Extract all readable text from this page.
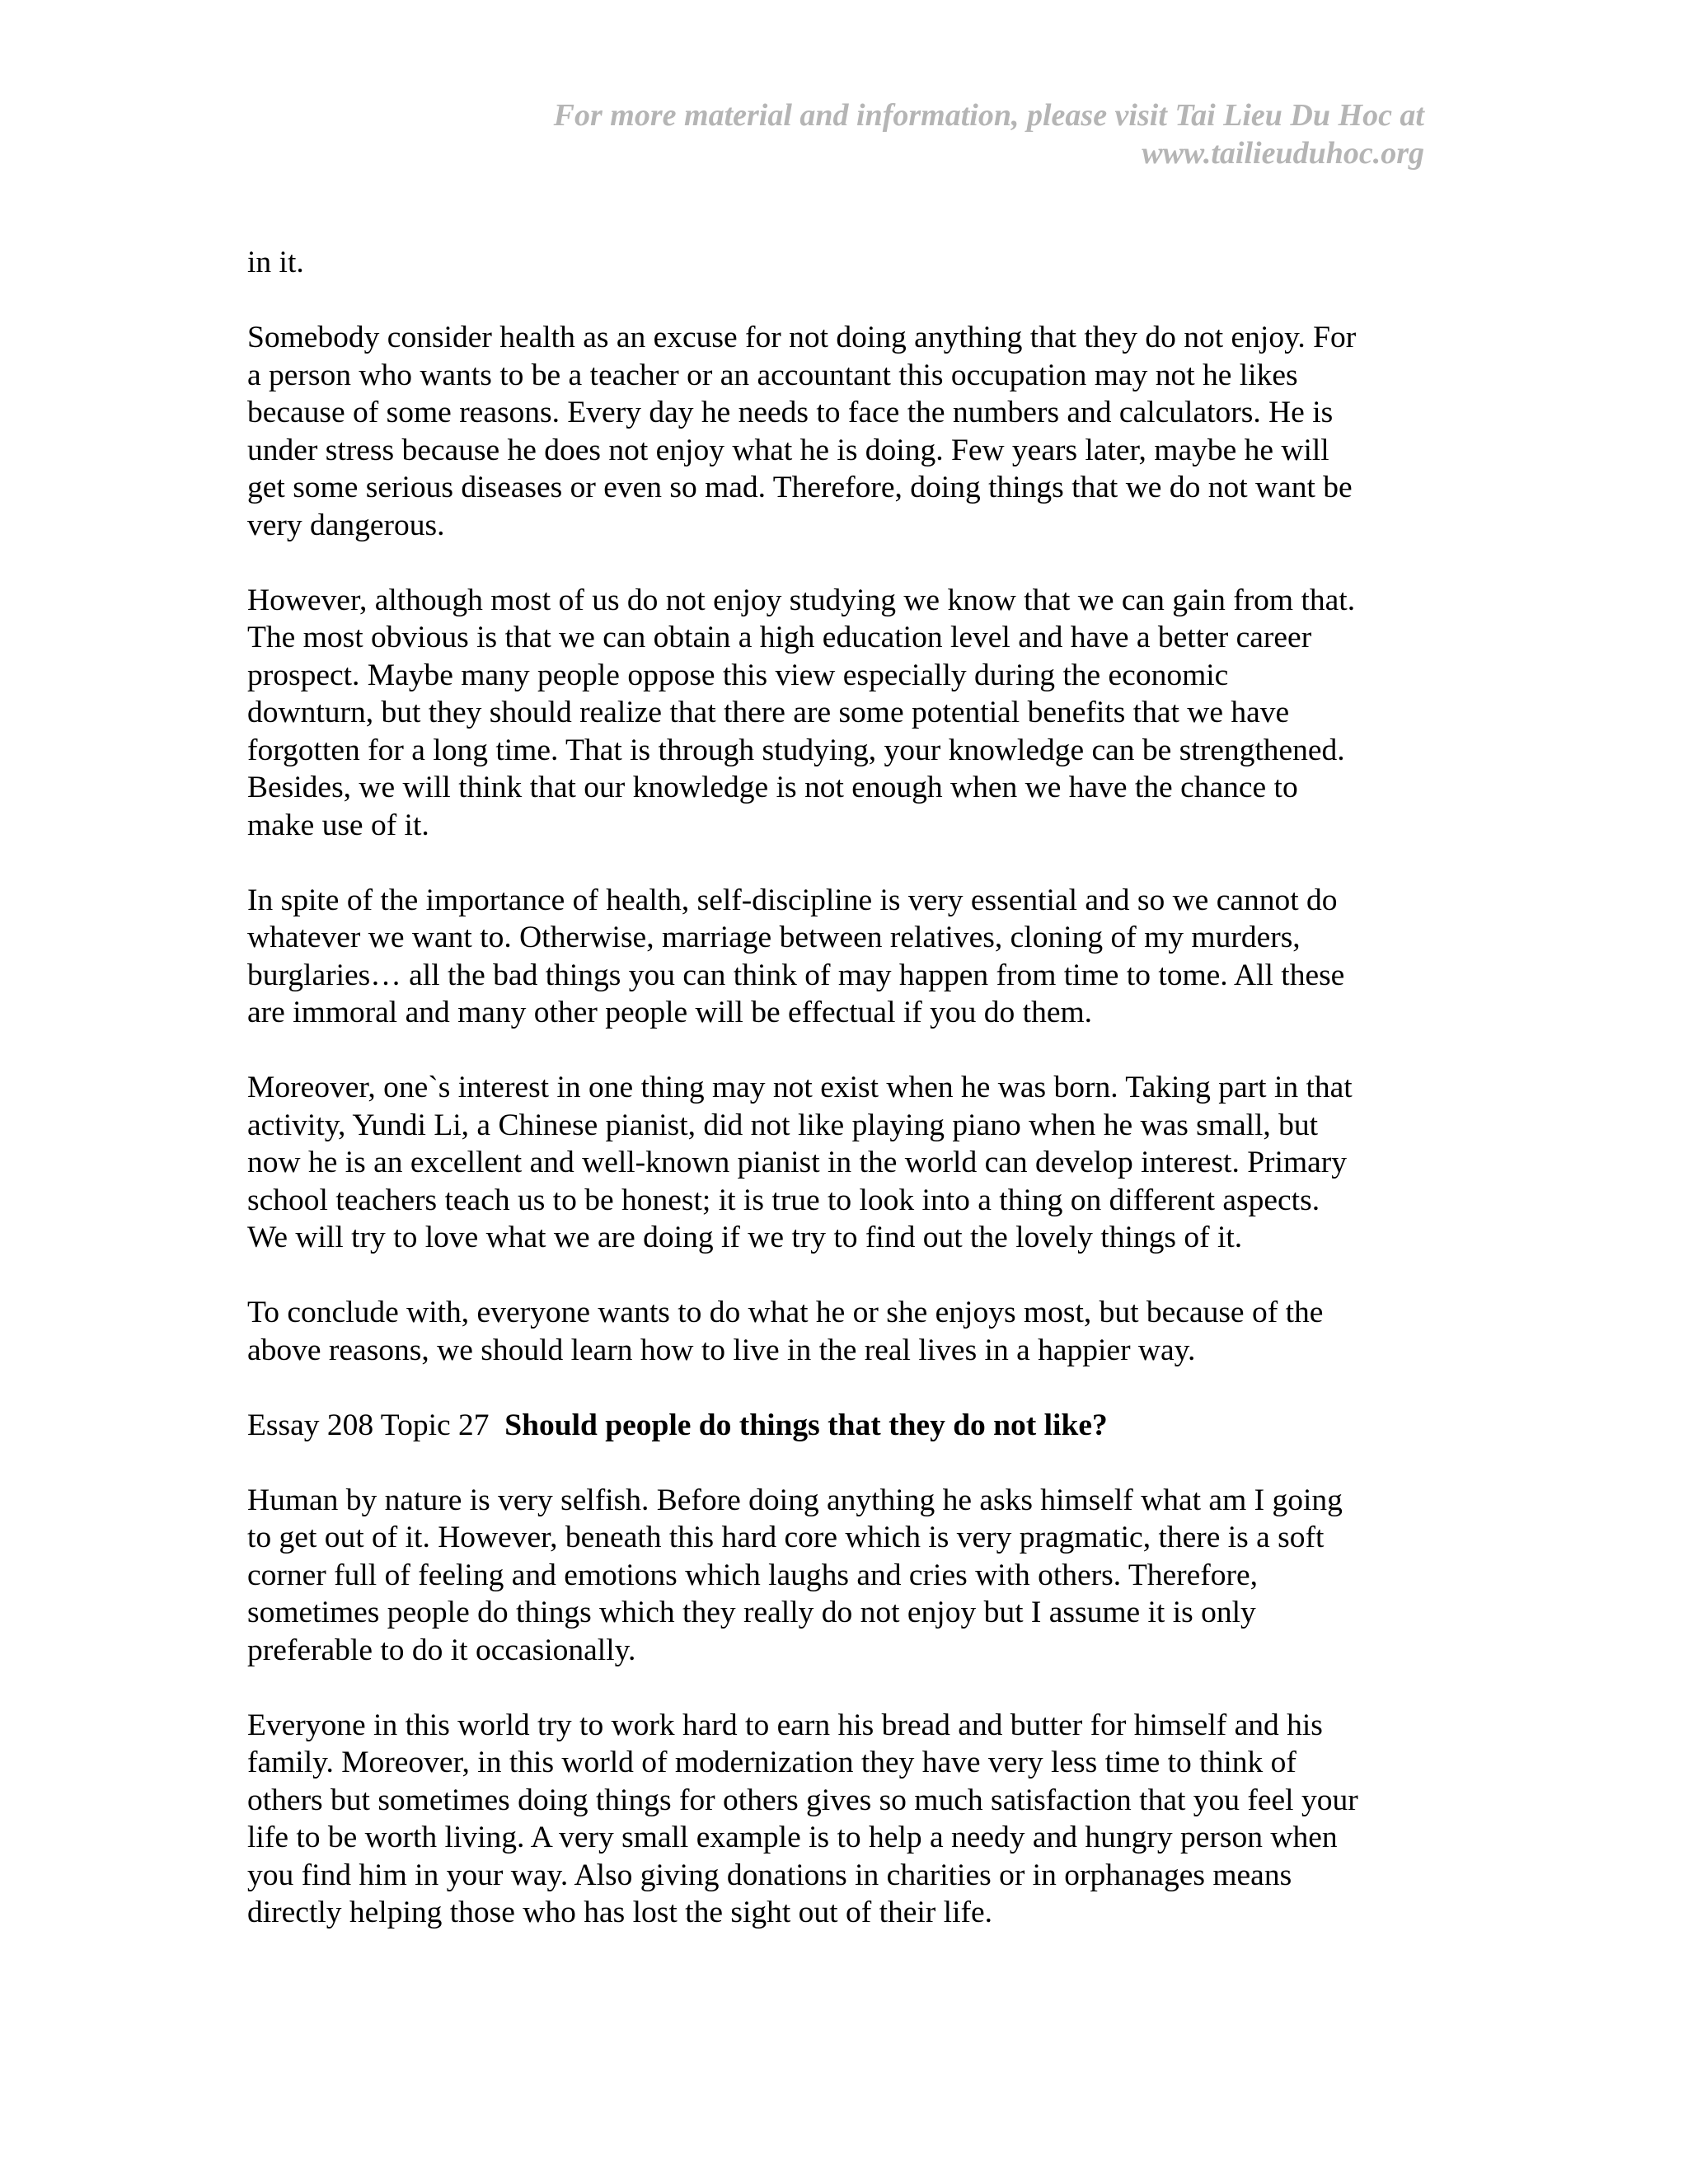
For more material and information, please visit Tai Lieu Du Hoc at
www.tailieuduhoc.org

in it.

Somebody consider health as an excuse for not doing anything that they do not enjoy. For
a person who wants to be a teacher or an accountant this occupation may not he likes
because of some reasons. Every day he needs to face the numbers and calculators. He is
under stress because he does not enjoy what he is doing. Few years later, maybe he will
get some serious diseases or even so mad. Therefore, doing things that we do not want be
very dangerous.

However, although most of us do not enjoy studying we know that we can gain from that.
The most obvious is that we can obtain a high education level and have a better career
prospect. Maybe many people oppose this view especially during the economic
downturn, but they should realize that there are some potential benefits that we have
forgotten for a long time. That is through studying, your knowledge can be strengthened.
Besides, we will think that our knowledge is not enough when we have the chance to
make use of it.

In spite of the importance of health, self-discipline is very essential and so we cannot do
whatever we want to. Otherwise, marriage between relatives, cloning of my murders,
burglaries… all the bad things you can think of may happen from time to tome. All these
are immoral and many other people will be effectual if you do them.

Moreover, one`s interest in one thing may not exist when he was born. Taking part in that
activity, Yundi Li, a Chinese pianist, did not like playing piano when he was small, but
now he is an excellent and well-known pianist in the world can develop interest. Primary
school teachers teach us to be honest; it is true to look into a thing on different aspects.
We will try to love what we are doing if we try to find out the lovely things of it.

To conclude with, everyone wants to do what he or she enjoys most, but because of the
above reasons, we should learn how to live in the real lives in a happier way.

Essay 208 Topic 27 Should people do things that they do not like?

Human by nature is very selfish. Before doing anything he asks himself what am I going
to get out of it. However, beneath this hard core which is very pragmatic, there is a soft
corner full of feeling and emotions which laughs and cries with others. Therefore,
sometimes people do things which they really do not enjoy but I assume it is only
preferable to do it occasionally.

Everyone in this world try to work hard to earn his bread and butter for himself and his
family. Moreover, in this world of modernization they have very less time to think of
others but sometimes doing things for others gives so much satisfaction that you feel your
life to be worth living. A very small example is to help a needy and hungry person when
you find him in your way. Also giving donations in charities or in orphanages means
directly helping those who has lost the sight out of their life.
